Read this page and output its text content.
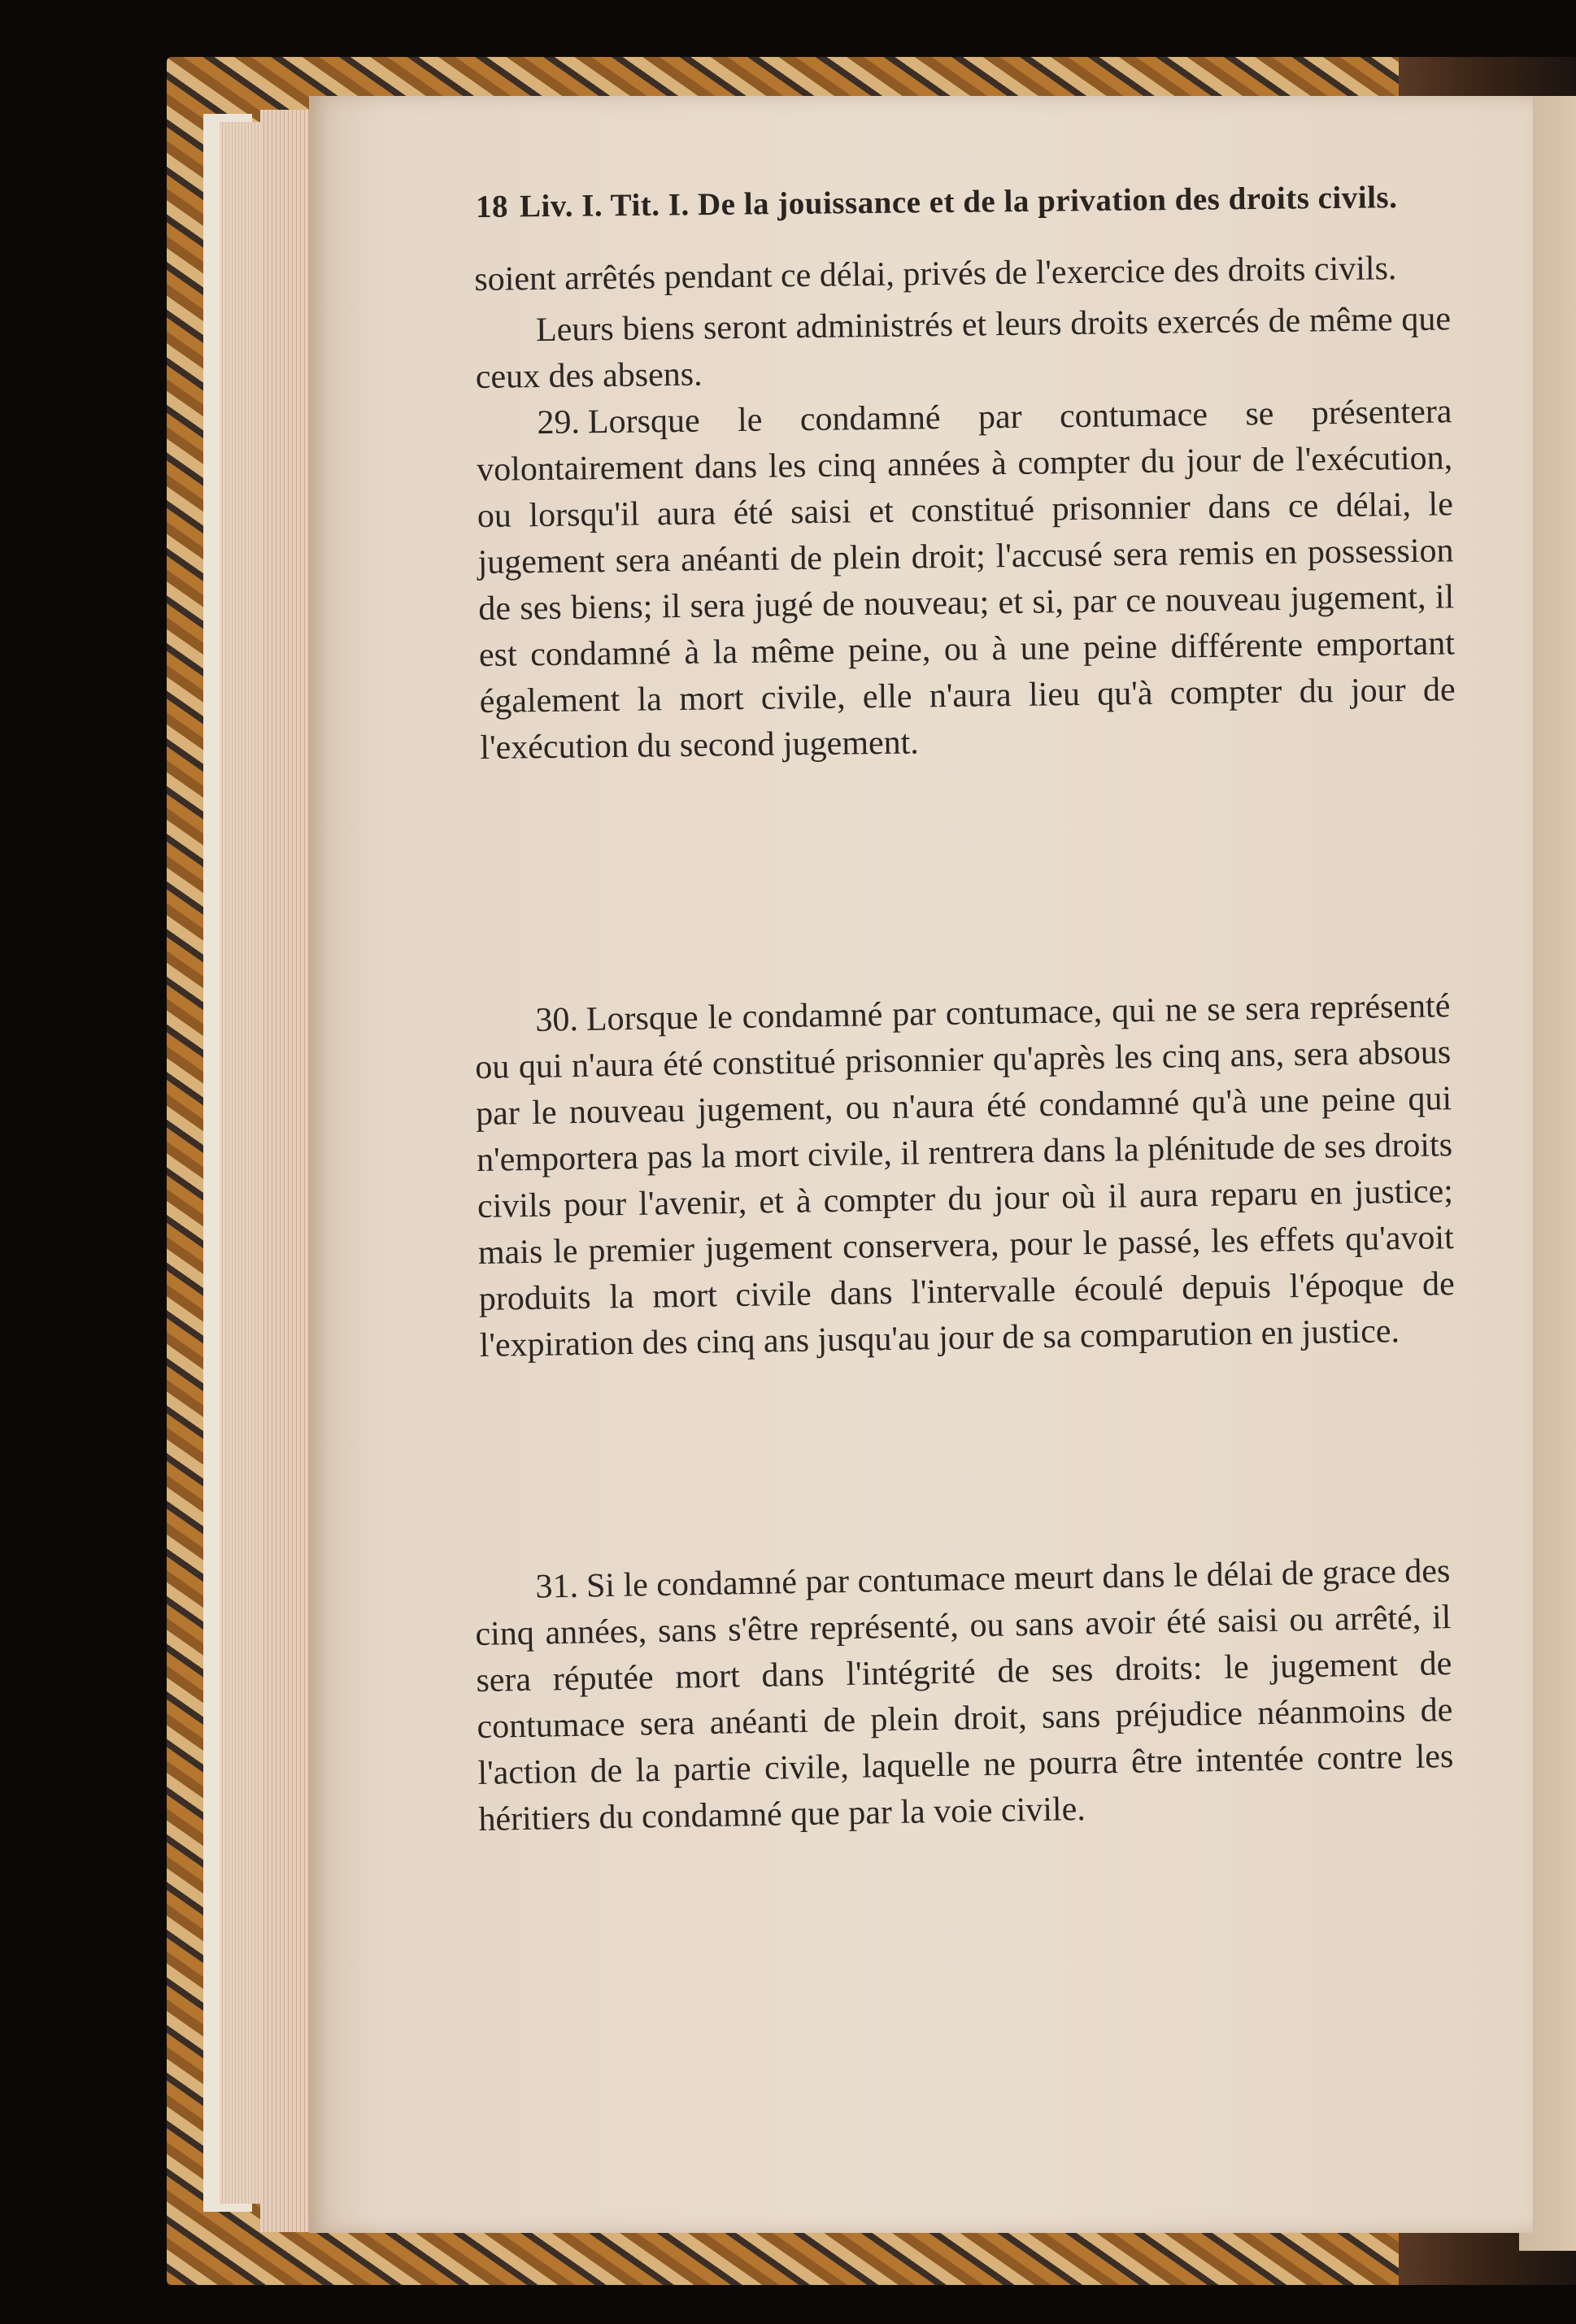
18 Liv. I. Tit. I. De la jouissance et de la privation des droits civils.

soient arrêtés pendant ce délai, privés de l'exercice des droits civils.

Leurs biens seront administrés et leurs droits exercés de même que ceux des absens.

29. Lorsque le condamné par contumace se présentera volontairement dans les cinq années à compter du jour de l'exécution, ou lorsqu'il aura été saisi et constitué prisonnier dans ce délai, le jugement sera anéanti de plein droit; l'accusé sera remis en possession de ses biens; il sera jugé de nouveau; et si, par ce nouveau jugement, il est condamné à la même peine, ou à une peine différente emportant également la mort civile, elle n'aura lieu qu'à compter du jour de l'exécution du second jugement.

30. Lorsque le condamné par contumace, qui ne se sera représenté ou qui n'aura été constitué prisonnier qu'après les cinq ans, sera absous par le nouveau jugement, ou n'aura été condamné qu'à une peine qui n'emportera pas la mort civile, il rentrera dans la plénitude de ses droits civils pour l'avenir, et à compter du jour où il aura reparu en justice; mais le premier jugement conservera, pour le passé, les effets qu'avoit produits la mort civile dans l'intervalle écoulé depuis l'époque de l'expiration des cinq ans jusqu'au jour de sa comparution en justice.

31. Si le condamné par contumace meurt dans le délai de grace des cinq années, sans s'être représenté, ou sans avoir été saisi ou arrêté, il sera réputée mort dans l'intégrité de ses droits: le jugement de contumace sera anéanti de plein droit, sans préjudice néanmoins de l'action de la partie civile, laquelle ne pourra être intentée contre les héritiers du condamné que par la voie civile.
